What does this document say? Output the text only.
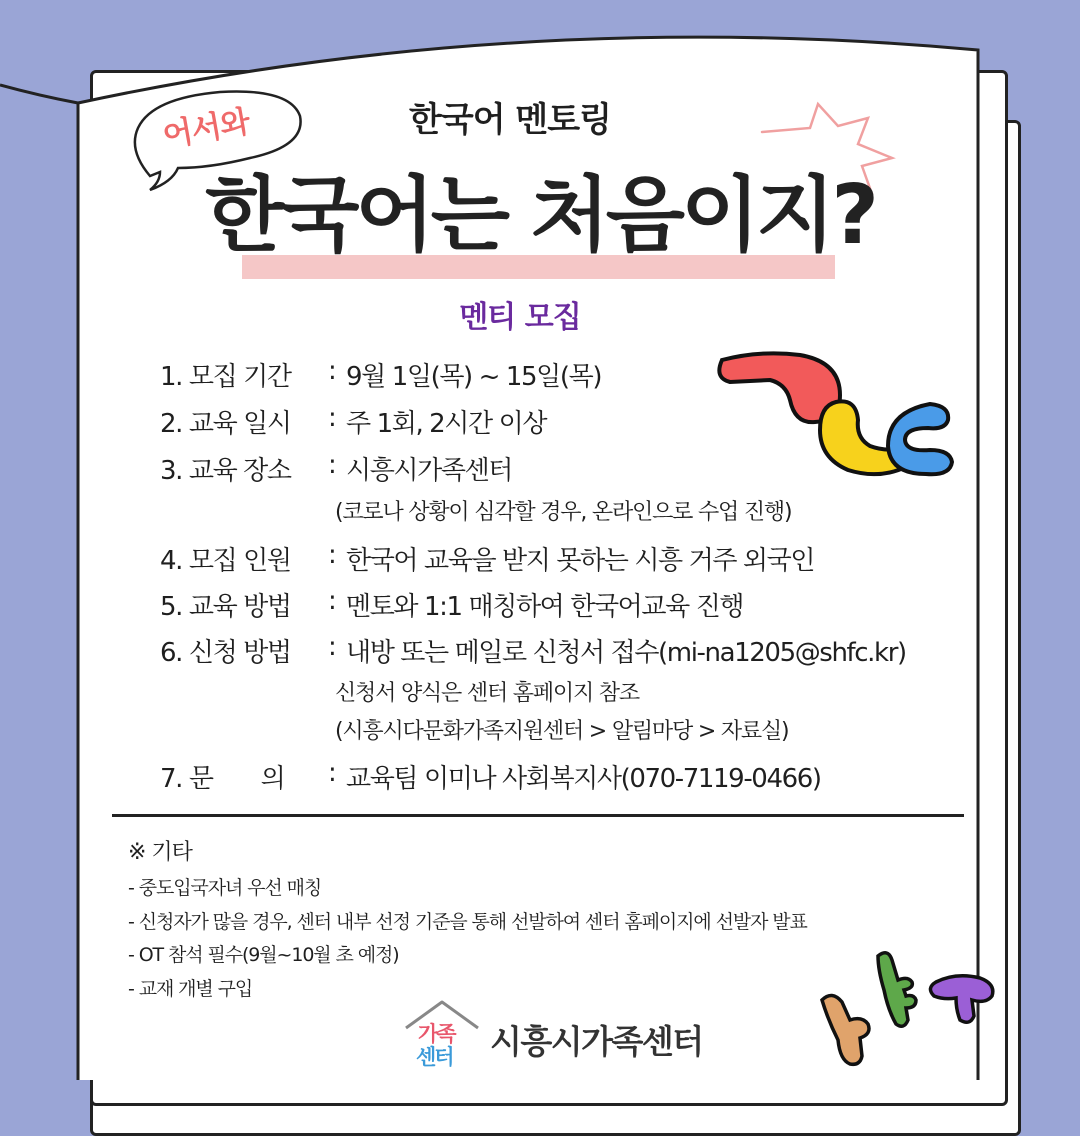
어서와	한국어 멘토링
한국어는 처음이지?
멘티 모집
1. 모집 기간	: 9월 1일(목) ~ 15일(목)
2. 교육 일시	: 주 1회, 2시간 이상
3. 교육 장소	: 시흥시가족센터
(코로나 상황이 심각할 경우, 온라인으로 수업 진행)
4. 모집 인원	: 한국어 교육을 받지 못하는 시흥 거주 외국인
5. 교육 방법	: 멘토와 1:1 매칭하여 한국어교육 진행
6. 신청 방법	: 내방 또는 메일로 신청서 접수(mi-na1205@shfc.kr)
신청서 양식은 센터 홈페이지 참조
(시흥시다문화가족지원센터 > 알림마당 > 자료실)
7. 문       의	: 교육팀 이미나 사회복지사(070-7119-0466)
※ 기타
- 중도입국자녀 우선 매칭
- 신청자가 많을 경우, 센터 내부 선정 기준을 통해 선발하여 센터 홈페이지에 선발자 발표
- OT 참석 필수(9월~10월 초 예정)
- 교재 개별 구입
가족
센터 시흥시가족센터
